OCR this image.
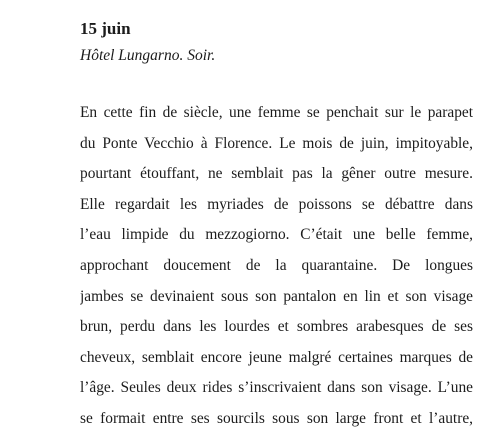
15 juin

Hôtel Lungarno. Soir.

En cette fin de siècle, une femme se penchait sur le parapet
du Ponte Vecchio à Florence. Le mois de juin, impitoyable,
pourtant étouffant, ne semblait pas la gêner outre mesure.
Elle regardait les myriades de poissons se débattre dans
l’eau limpide du mezzogiorno. C’était une belle femme,
approchant doucement de la quarantaine. De longues
jambes se devinaient sous son pantalon en lin et son visage
brun, perdu dans les lourdes et sombres arabesques de ses
cheveux, semblait encore jeune malgré certaines marques de
l’âge. Seules deux rides s’inscrivaient dans son visage. L’une
se formait entre ses sourcils sous son large front et l’autre,
